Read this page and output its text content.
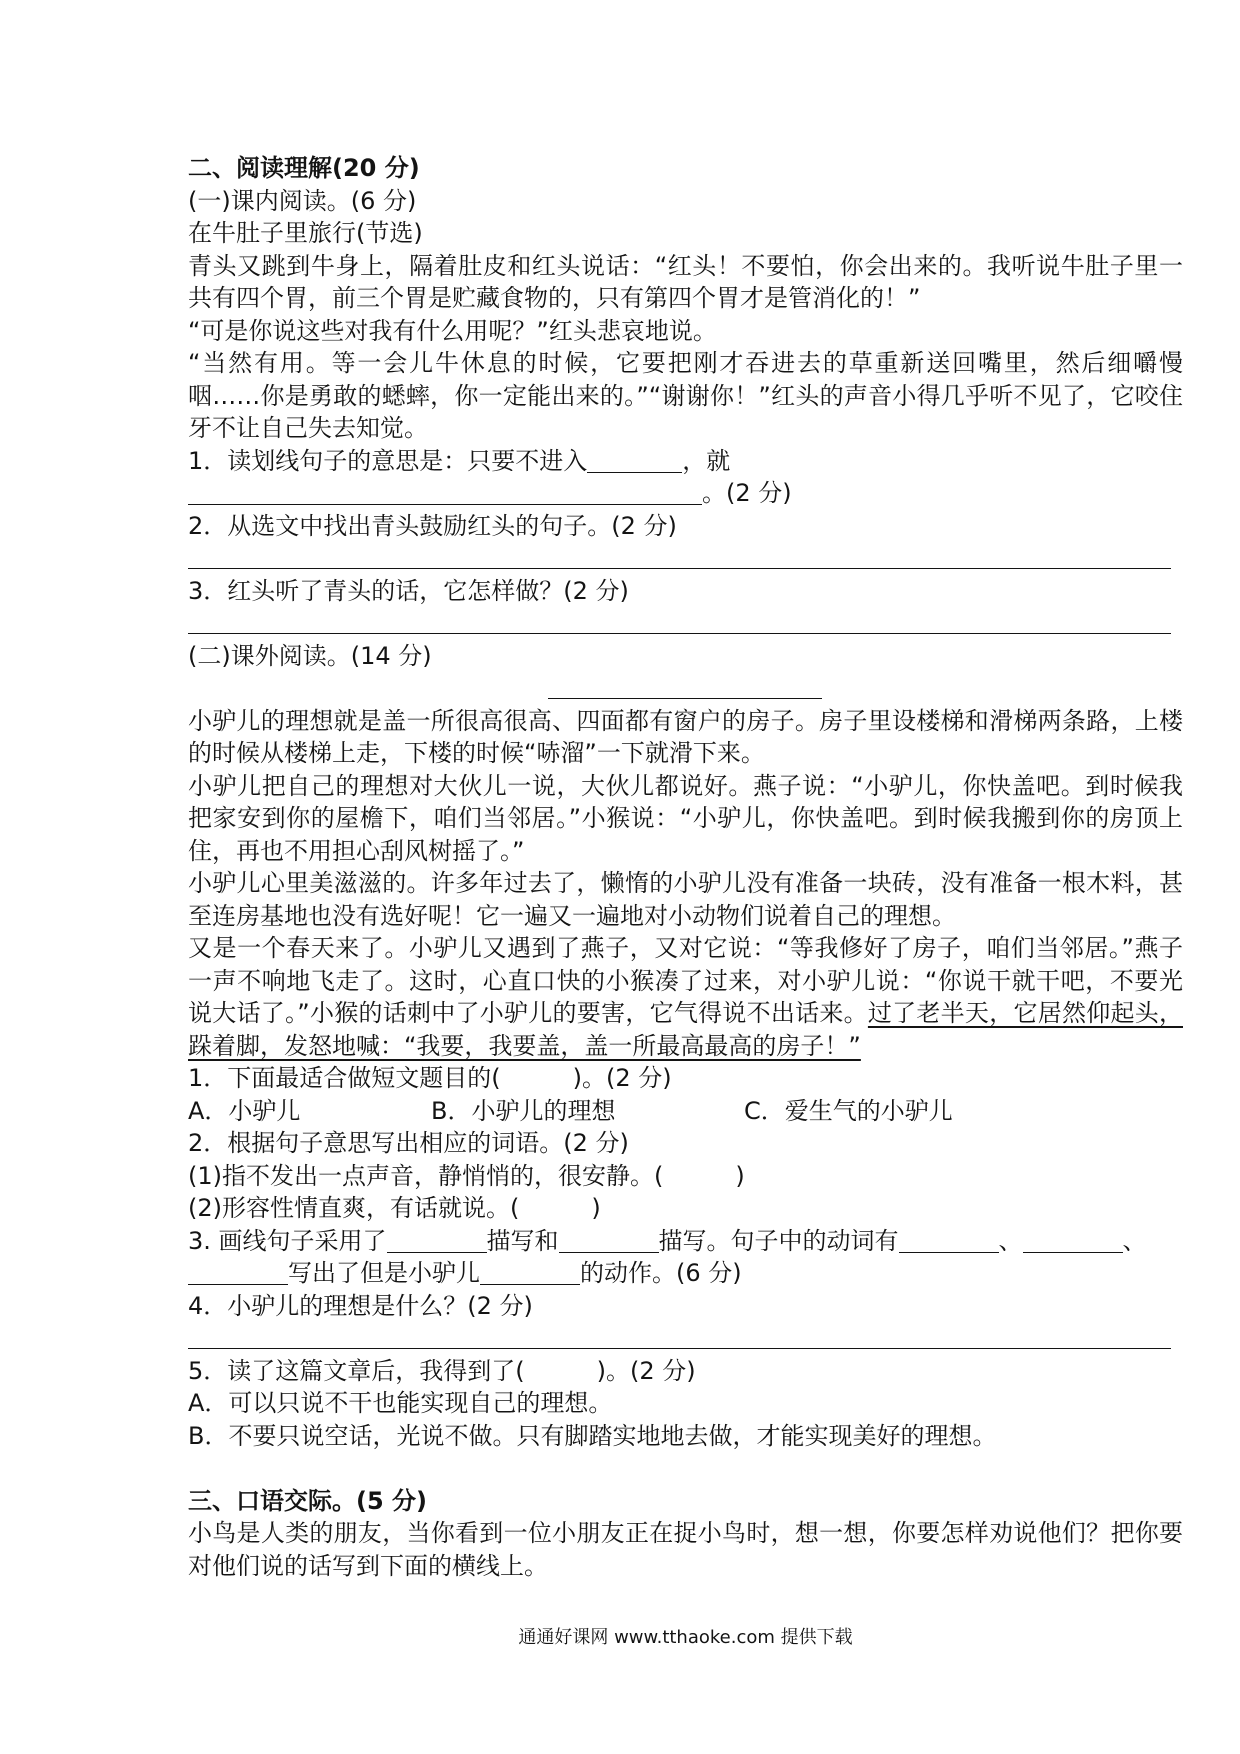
二、阅读理解(20 分)
(一)课内阅读。(6 分)
在牛肚子里旅行(节选)

青头又跳到牛身上，隔着肚皮和红头说话：“红头！不要怕，你会出来的。我听说牛肚子里一共有四个胃，前三个胃是贮藏食物的，只有第四个胃才是管消化的！”

“可是你说这些对我有什么用呢？”红头悲哀地说。

“当然有用。等一会儿牛休息的时候，它要把刚才吞进去的草重新送回嘴里，然后细嚼慢咽……你是勇敢的蟋蟀，你一定能出来的。”“谢谢你！”红头的声音小得几乎听不见了，它咬住牙不让自己失去知觉。

1．读划线句子的意思是：只要不进入	，就
。(2 分)
2．从选文中找出青头鼓励红头的句子。(2 分)
3．红头听了青头的话，它怎样做？(2 分)
(二)课外阅读。(14 分)

小驴儿的理想就是盖一所很高很高、四面都有窗户的房子。房子里设楼梯和滑梯两条路，上楼的时候从楼梯上走，下楼的时候“哧溜”一下就滑下来。

小驴儿把自己的理想对大伙儿一说，大伙儿都说好。燕子说：“小驴儿，你快盖吧。到时候我把家安到你的屋檐下，咱们当邻居。”小猴说：“小驴儿，你快盖吧。到时候我搬到你的房顶上住，再也不用担心刮风树摇了。”

小驴儿心里美滋滋的。许多年过去了，懒惰的小驴儿没有准备一块砖，没有准备一根木料，甚至连房基地也没有选好呢！它一遍又一遍地对小动物们说着自己的理想。

又是一个春天来了。小驴儿又遇到了燕子，又对它说：“等我修好了房子，咱们当邻居。”燕子一声不响地飞走了。这时，心直口快的小猴凑了过来，对小驴儿说：“你说干就干吧，不要光说大话了。”小猴的话刺中了小驴儿的要害，它气得说不出话来。过了老半天，它居然仰起头，跺着脚，发怒地喊：“我要，我要盖，盖一所最高最高的房子！”

1．下面最适合做短文题目的(　　　)。(2 分)
A．小驴儿	B．小驴儿的理想	C．爱生气的小驴儿
2．根据句子意思写出相应的词语。(2 分)
(1)指不发出一点声音，静悄悄的，很安静。(　　　)
(2)形容性情直爽，有话就说。(　　　)
3. 画线句子采用了	描写和	描写。句子中的动词有	、	、
写出了但是小驴儿	的动作。(6 分)
4．小驴儿的理想是什么？(2 分)
5．读了这篇文章后，我得到了(　　　)。(2 分)
A．可以只说不干也能实现自己的理想。
B．不要只说空话，光说不做。只有脚踏实地地去做，才能实现美好的理想。
三、口语交际。(5 分)

小鸟是人类的朋友，当你看到一位小朋友正在捉小鸟时，想一想，你要怎样劝说他们？把你要对他们说的话写到下面的横线上。

通通好课网 www.tthaoke.com 提供下载
